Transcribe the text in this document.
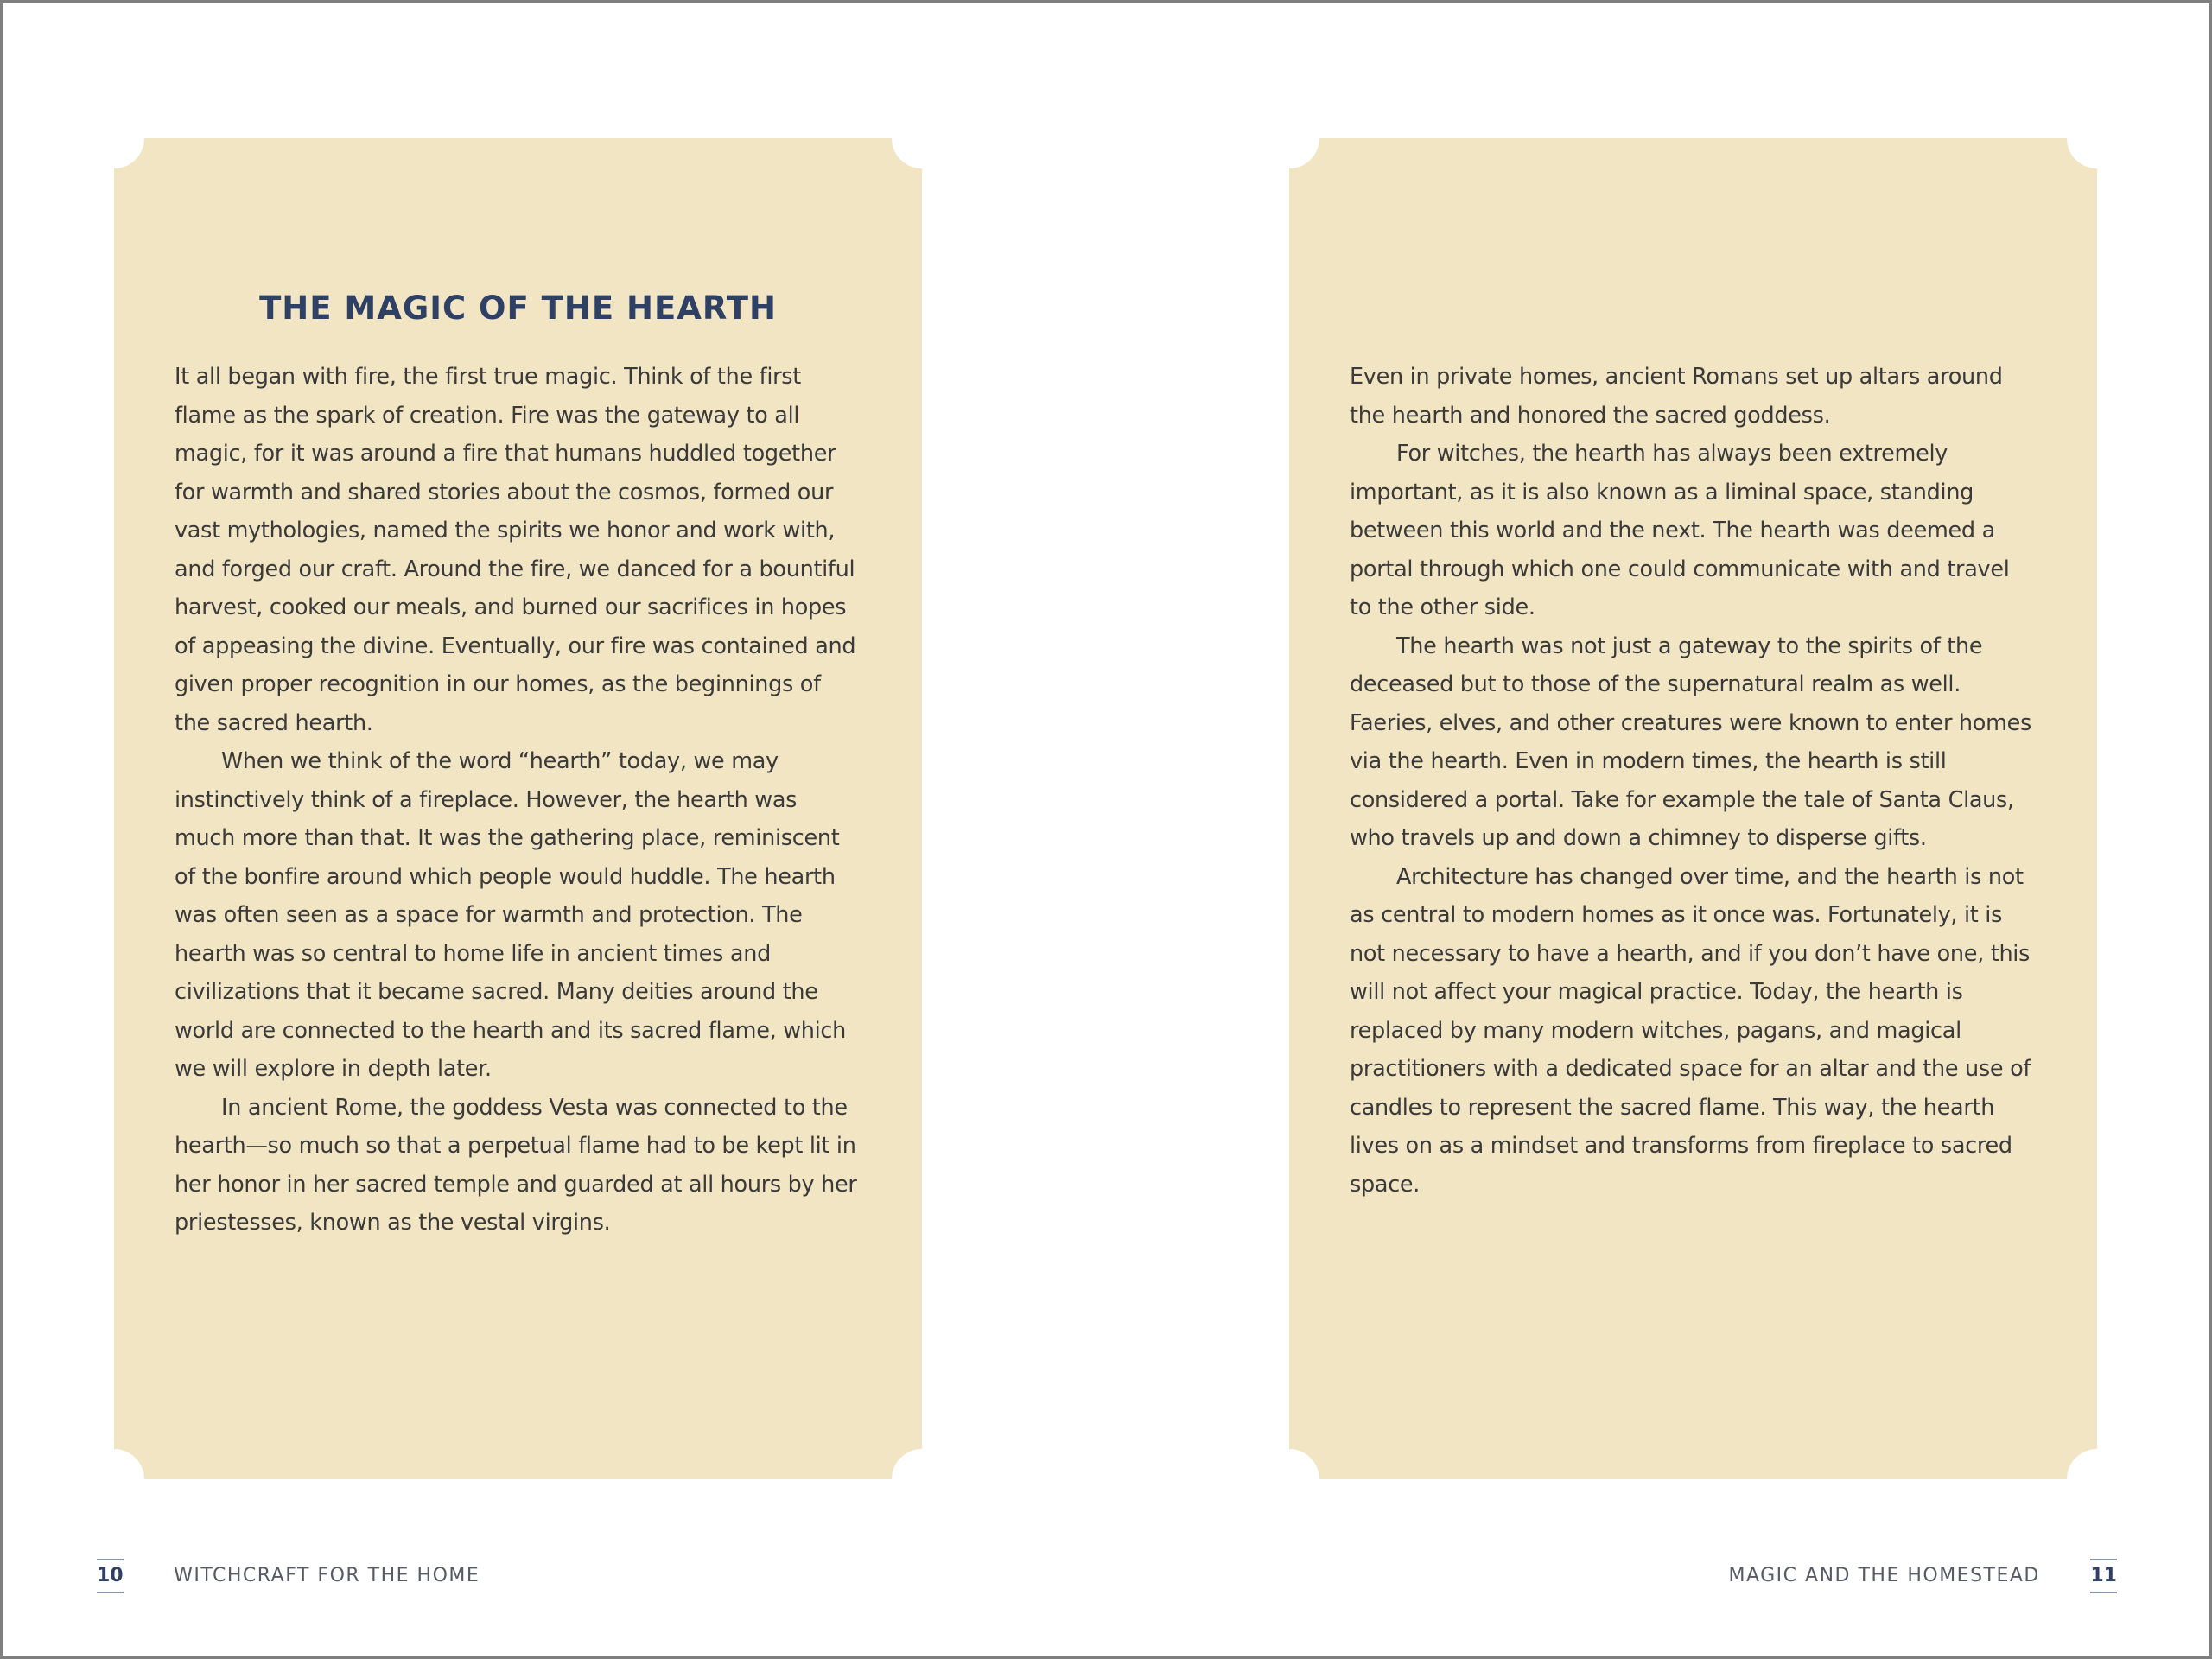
THE MAGIC OF THE HEARTH

It all began with fire, the first true magic. Think of the first flame as the spark of creation. Fire was the gateway to all magic, for it was around a fire that humans huddled together for warmth and shared stories about the cosmos, formed our vast mythologies, named the spirits we honor and work with, and forged our craft. Around the fire, we danced for a bountiful harvest, cooked our meals, and burned our sacrifices in hopes of appeasing the divine. Eventually, our fire was contained and given proper recognition in our homes, as the beginnings of the sacred hearth.

When we think of the word “hearth” today, we may instinctively think of a fireplace. However, the hearth was much more than that. It was the gathering place, reminiscent of the bonfire around which people would huddle. The hearth was often seen as a space for warmth and protection. The hearth was so central to home life in ancient times and civilizations that it became sacred. Many deities around the world are connected to the hearth and its sacred flame, which we will explore in depth later.

In ancient Rome, the goddess Vesta was connected to the hearth—so much so that a perpetual flame had to be kept lit in her honor in her sacred temple and guarded at all hours by her priestesses, known as the vestal virgins.

Even in private homes, ancient Romans set up altars around the hearth and honored the sacred goddess.

For witches, the hearth has always been extremely important, as it is also known as a liminal space, standing between this world and the next. The hearth was deemed a portal through which one could communicate with and travel to the other side.

The hearth was not just a gateway to the spirits of the deceased but to those of the supernatural realm as well. Faeries, elves, and other creatures were known to enter homes via the hearth. Even in modern times, the hearth is still considered a portal. Take for example the tale of Santa Claus, who travels up and down a chimney to disperse gifts.

Architecture has changed over time, and the hearth is not as central to modern homes as it once was. Fortunately, it is not necessary to have a hearth, and if you don’t have one, this will not affect your magical practice. Today, the hearth is replaced by many modern witches, pagans, and magical practitioners with a dedicated space for an altar and the use of candles to represent the sacred flame. This way, the hearth lives on as a mindset and transforms from fireplace to sacred space.

10	WITCHCRAFT FOR THE HOME	MAGIC AND THE HOMESTEAD	11
